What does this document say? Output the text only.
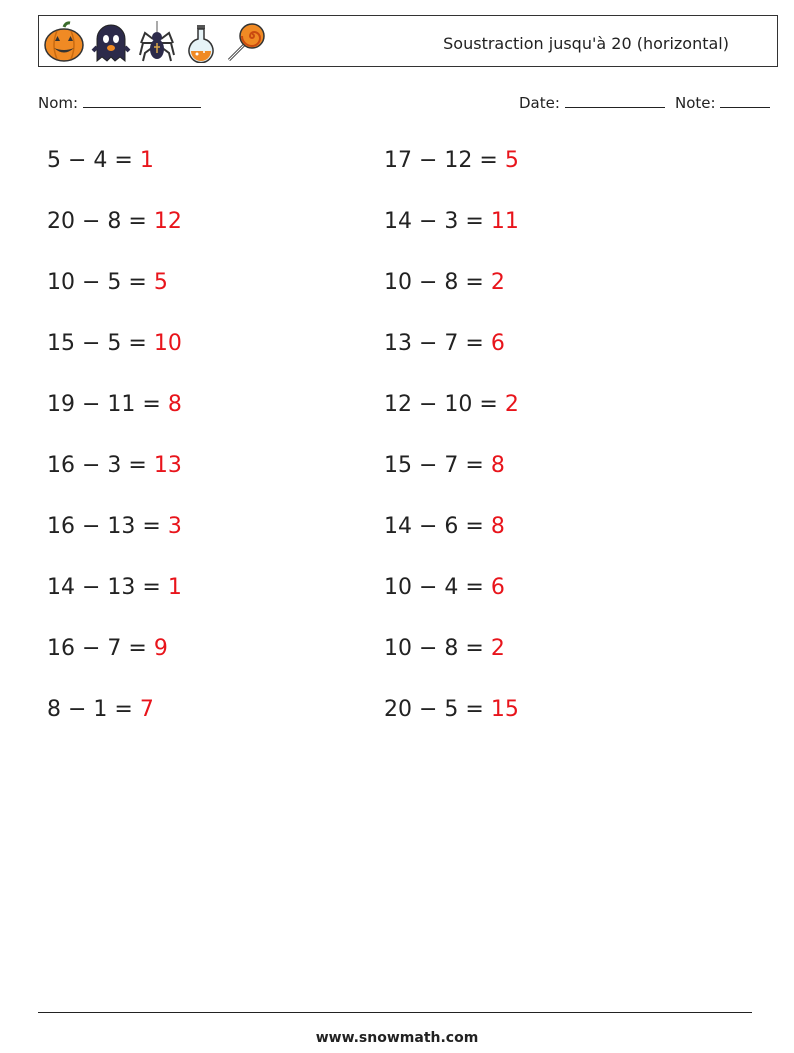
Soustraction jusqu'à 20 (horizontal)
Nom:	Date:	Note:
5 − 4 = 1	17 − 12 = 5
20 − 8 = 12	14 − 3 = 11
10 − 5 = 5	10 − 8 = 2
15 − 5 = 10	13 − 7 = 6
19 − 11 = 8	12 − 10 = 2
16 − 3 = 13	15 − 7 = 8
16 − 13 = 3	14 − 6 = 8
14 − 13 = 1	10 − 4 = 6
16 − 7 = 9	10 − 8 = 2
8 − 1 = 7	20 − 5 = 15
www.snowmath.com
